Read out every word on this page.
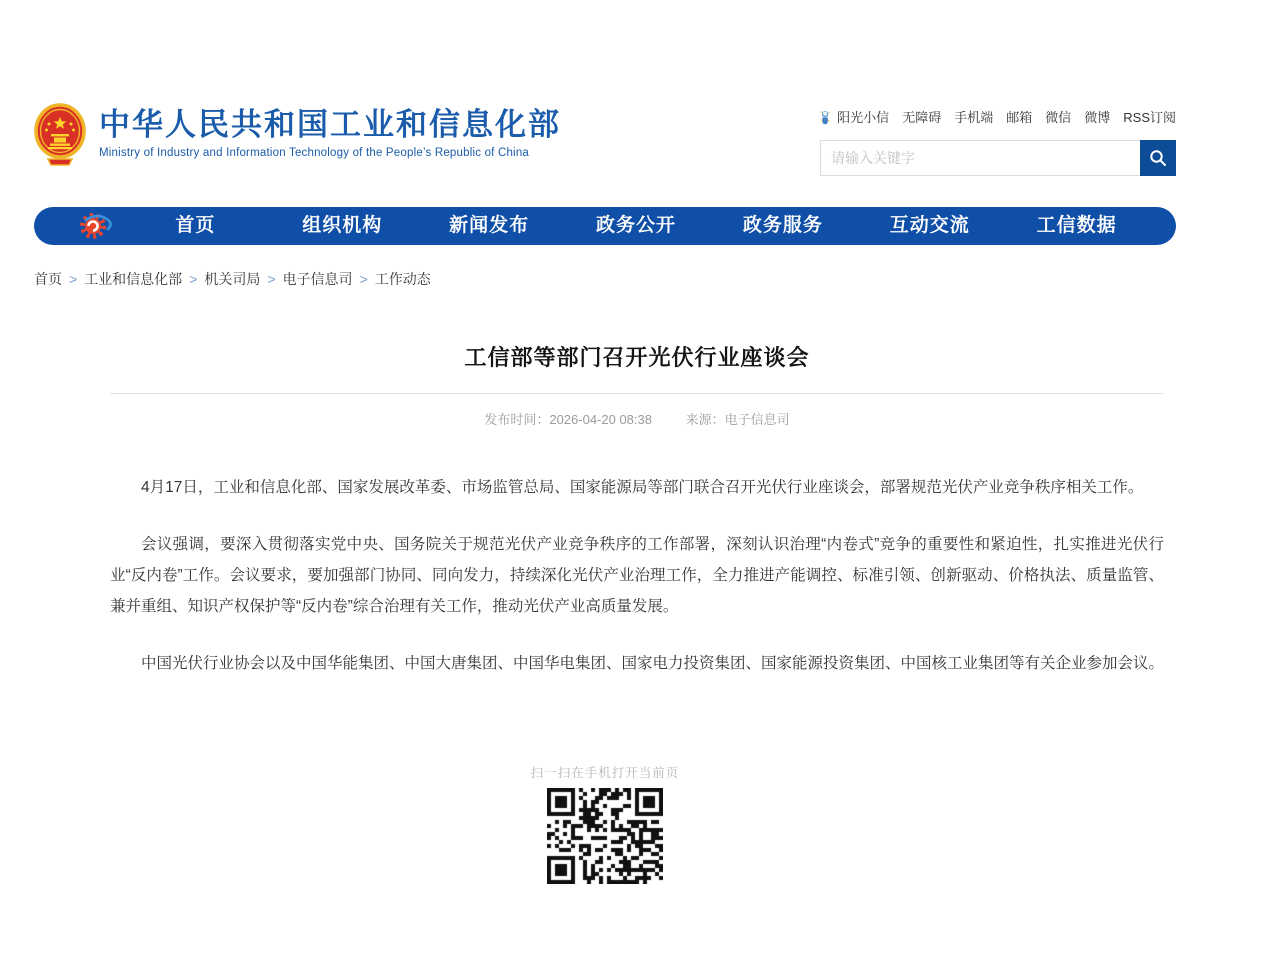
中华人民共和国工业和信息化部
Ministry of Industry and Information Technology of the People’s Republic of China
阳光小信 无障碍 手机端 邮箱 微信 微博 RSS订阅
请输入关键字
首页	组织机构	新闻发布	政务公开	政务服务	互动交流	工信数据
首页 > 工业和信息化部 > 机关司局 > 电子信息司 > 工作动态
工信部等部门召开光伏行业座谈会
发布时间：2026-04-20 08:38	来源：电子信息司

4月17日，工业和信息化部、国家发展改革委、市场监管总局、国家能源局等部门联合召开光伏行业座谈会，部署规范光伏产业竞争秩序相关工作。

会议强调，要深入贯彻落实党中央、国务院关于规范光伏产业竞争秩序的工作部署，深刻认识治理“内卷式”竞争的重要性和紧迫性，扎实推进光伏行业“反内卷”工作。会议要求，要加强部门协同、同向发力，持续深化光伏产业治理工作，全力推进产能调控、标准引领、创新驱动、价格执法、质量监管、兼并重组、知识产权保护等“反内卷”综合治理有关工作，推动光伏产业高质量发展。

中国光伏行业协会以及中国华能集团、中国大唐集团、中国华电集团、国家电力投资集团、国家能源投资集团、中国核工业集团等有关企业参加会议。

扫一扫在手机打开当前页
